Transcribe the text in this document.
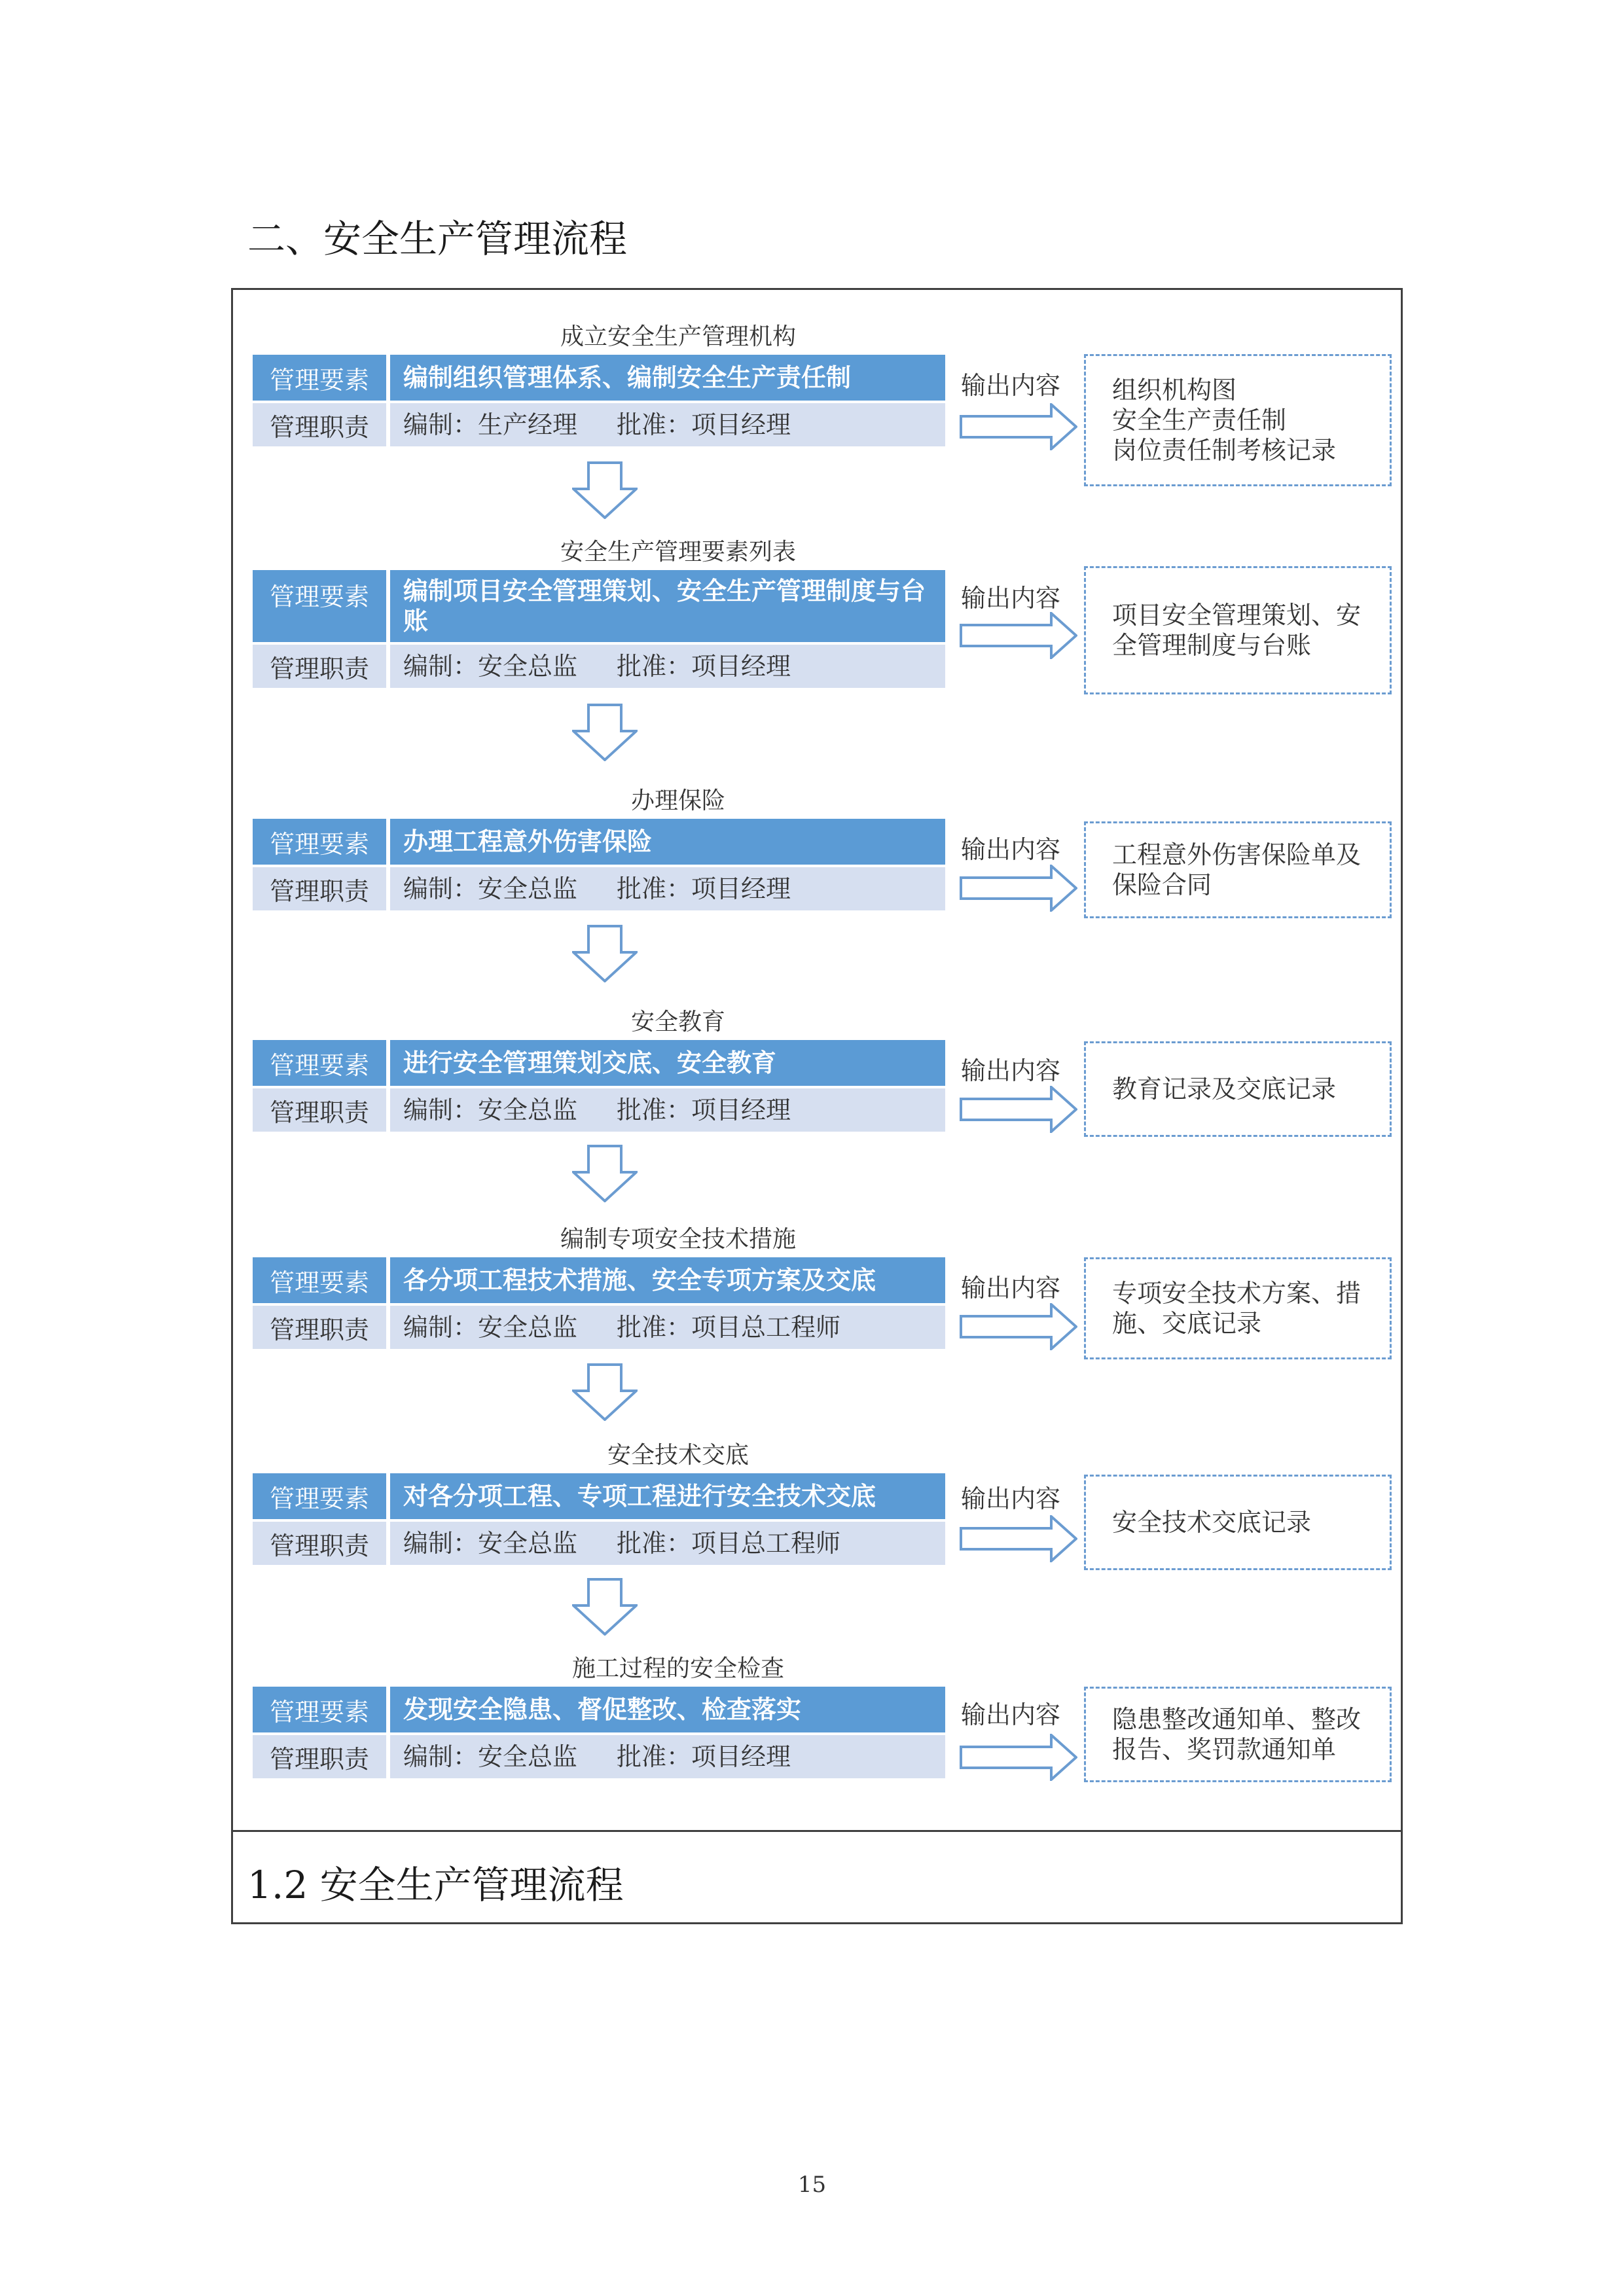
二、安全生产管理流程
成立安全生产管理机构
管理要素	编制组织管理体系、编制安全生产责任制
管理职责	编制：生产经理 批准：项目经理
输出内容 组织机构图
安全生产责任制
岗位责任制考核记录
安全生产管理要素列表
管理要素	编制项目安全管理策划、安全生产管理制度与台账
管理职责	编制：安全总监 批准：项目经理
输出内容
项目安全管理策划、安全管理制度与台账
办理保险
管理要素	办理工程意外伤害保险
管理职责	编制：安全总监 批准：项目经理
输出内容 工程意外伤害保险单及保险合同
安全教育
管理要素	进行安全管理策划交底、安全教育
管理职责	编制：安全总监 批准：项目经理
输出内容
教育记录及交底记录
编制专项安全技术措施
管理要素	各分项工程技术措施、安全专项方案及交底
管理职责	编制：安全总监 批准：项目总工程师
输出内容 专项安全技术方案、措施、交底记录
安全技术交底
管理要素	对各分项工程、专项工程进行安全技术交底
管理职责	编制：安全总监 批准：项目总工程师
输出内容
安全技术交底记录
施工过程的安全检查
管理要素	发现安全隐患、督促整改、检查落实
管理职责	编制：安全总监 批准：项目经理
输出内容 隐患整改通知单、整改报告、奖罚款通知单
1.2 安全生产管理流程
15
